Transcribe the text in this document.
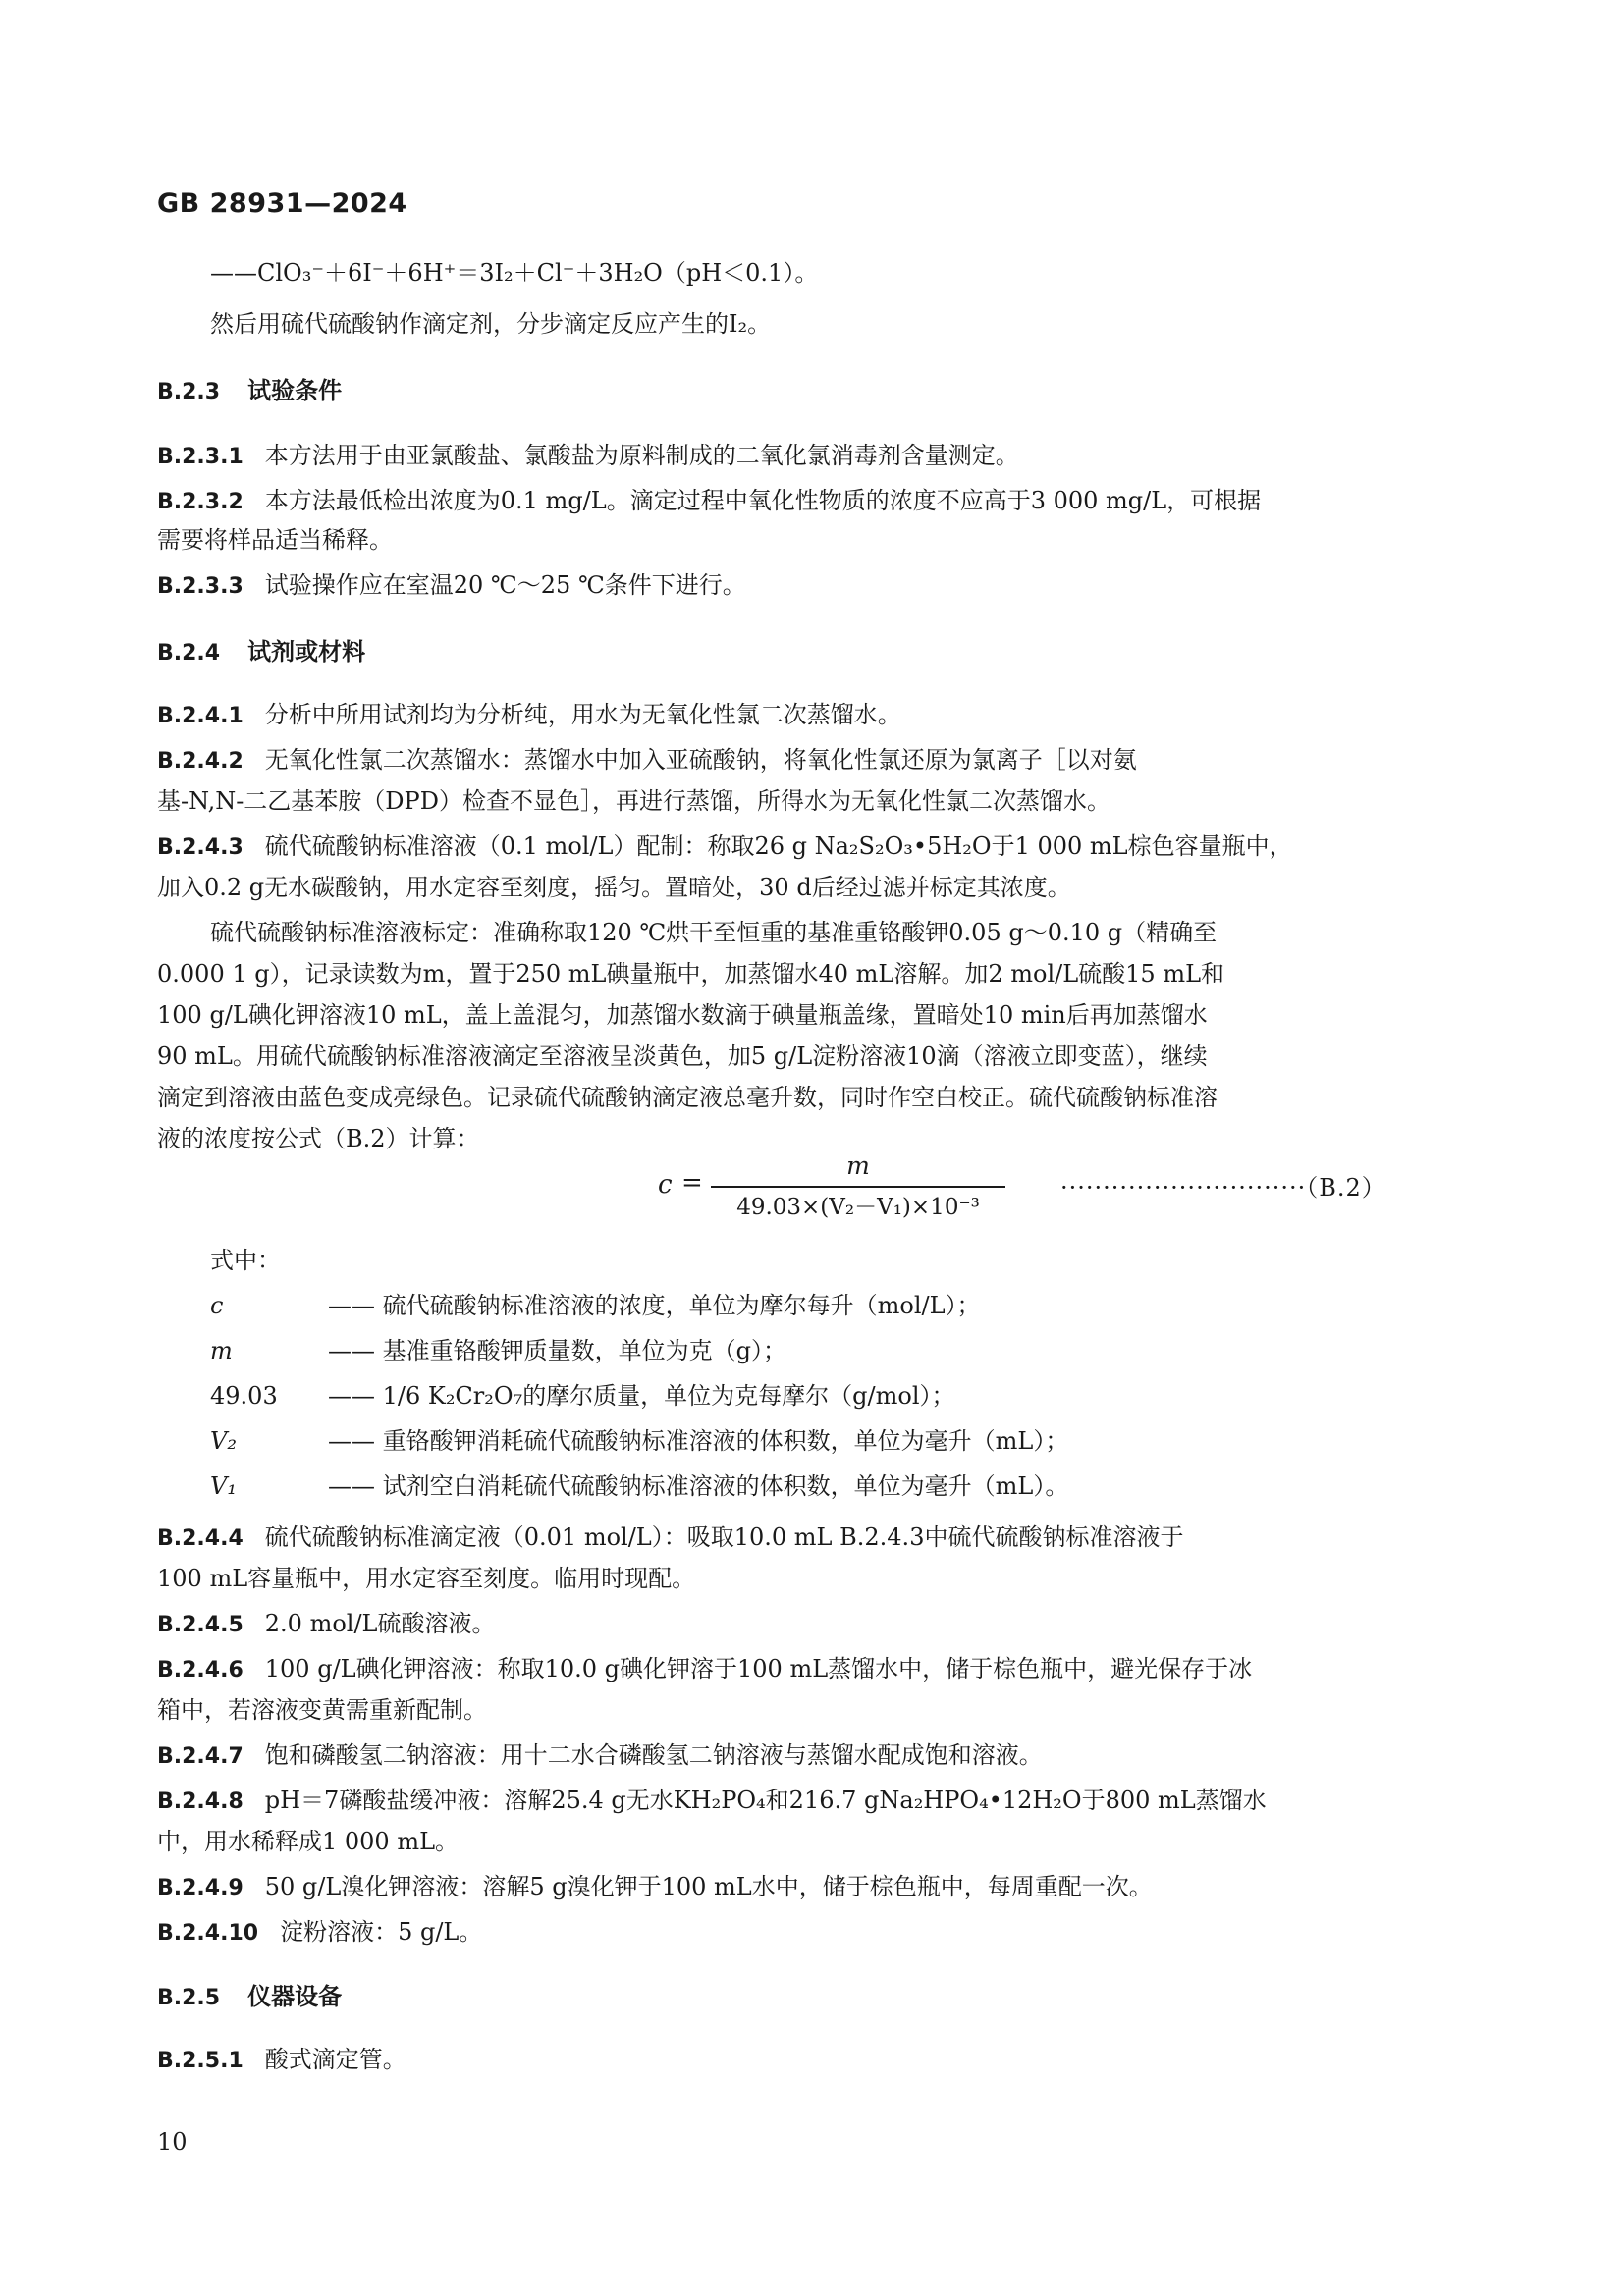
GB 28931—2024
——ClO₃⁻＋6I⁻＋6H⁺＝3I₂＋Cl⁻＋3H₂O（pH＜0.1）。
然后用硫代硫酸钠作滴定剂，分步滴定反应产生的I₂。
B.2.3 试验条件
B.2.3.1 本方法用于由亚氯酸盐、氯酸盐为原料制成的二氧化氯消毒剂含量测定。
B.2.3.2 本方法最低检出浓度为0.1 mg/L。滴定过程中氧化性物质的浓度不应高于3 000 mg/L，可根据
需要将样品适当稀释。
B.2.3.3 试验操作应在室温20 ℃～25 ℃条件下进行。
B.2.4 试剂或材料
B.2.4.1 分析中所用试剂均为分析纯，用水为无氧化性氯二次蒸馏水。
B.2.4.2 无氧化性氯二次蒸馏水：蒸馏水中加入亚硫酸钠，将氧化性氯还原为氯离子［以对氨
基-N,N-二乙基苯胺（DPD）检查不显色］，再进行蒸馏，所得水为无氧化性氯二次蒸馏水。
B.2.4.3 硫代硫酸钠标准溶液（0.1 mol/L）配制：称取26 g Na₂S₂O₃•5H₂O于1 000 mL棕色容量瓶中，
加入0.2 g无水碳酸钠，用水定容至刻度，摇匀。置暗处，30 d后经过滤并标定其浓度。
硫代硫酸钠标准溶液标定：准确称取120 ℃烘干至恒重的基准重铬酸钾0.05 g～0.10 g（精确至
0.000 1 g），记录读数为m，置于250 mL碘量瓶中，加蒸馏水40 mL溶解。加2 mol/L硫酸15 mL和
100 g/L碘化钾溶液10 mL，盖上盖混匀，加蒸馏水数滴于碘量瓶盖缘，置暗处10 min后再加蒸馏水
90 mL。用硫代硫酸钠标准溶液滴定至溶液呈淡黄色，加5 g/L淀粉溶液10滴（溶液立即变蓝），继续
滴定到溶液由蓝色变成亮绿色。记录硫代硫酸钠滴定液总毫升数，同时作空白校正。硫代硫酸钠标准溶
液的浓度按公式（B.2）计算：
c =
m
49.03×(V₂－V₁)×10⁻³
·····························（B.2）
式中：
c	—— 硫代硫酸钠标准溶液的浓度，单位为摩尔每升（mol/L）；
m	—— 基准重铬酸钾质量数，单位为克（g）；
49.03	—— 1/6 K₂Cr₂O₇的摩尔质量，单位为克每摩尔（g/mol）；
V₂	—— 重铬酸钾消耗硫代硫酸钠标准溶液的体积数，单位为毫升（mL）；
V₁	—— 试剂空白消耗硫代硫酸钠标准溶液的体积数，单位为毫升（mL）。
B.2.4.4 硫代硫酸钠标准滴定液（0.01 mol/L）：吸取10.0 mL B.2.4.3中硫代硫酸钠标准溶液于
100 mL容量瓶中，用水定容至刻度。临用时现配。
B.2.4.5 2.0 mol/L硫酸溶液。
B.2.4.6 100 g/L碘化钾溶液：称取10.0 g碘化钾溶于100 mL蒸馏水中，储于棕色瓶中，避光保存于冰
箱中，若溶液变黄需重新配制。
B.2.4.7 饱和磷酸氢二钠溶液：用十二水合磷酸氢二钠溶液与蒸馏水配成饱和溶液。
B.2.4.8 pH＝7磷酸盐缓冲液：溶解25.4 g无水KH₂PO₄和216.7 gNa₂HPO₄•12H₂O于800 mL蒸馏水
中，用水稀释成1 000 mL。
B.2.4.9 50 g/L溴化钾溶液：溶解5 g溴化钾于100 mL水中，储于棕色瓶中，每周重配一次。
B.2.4.10 淀粉溶液：5 g/L。
B.2.5 仪器设备
B.2.5.1 酸式滴定管。
10
